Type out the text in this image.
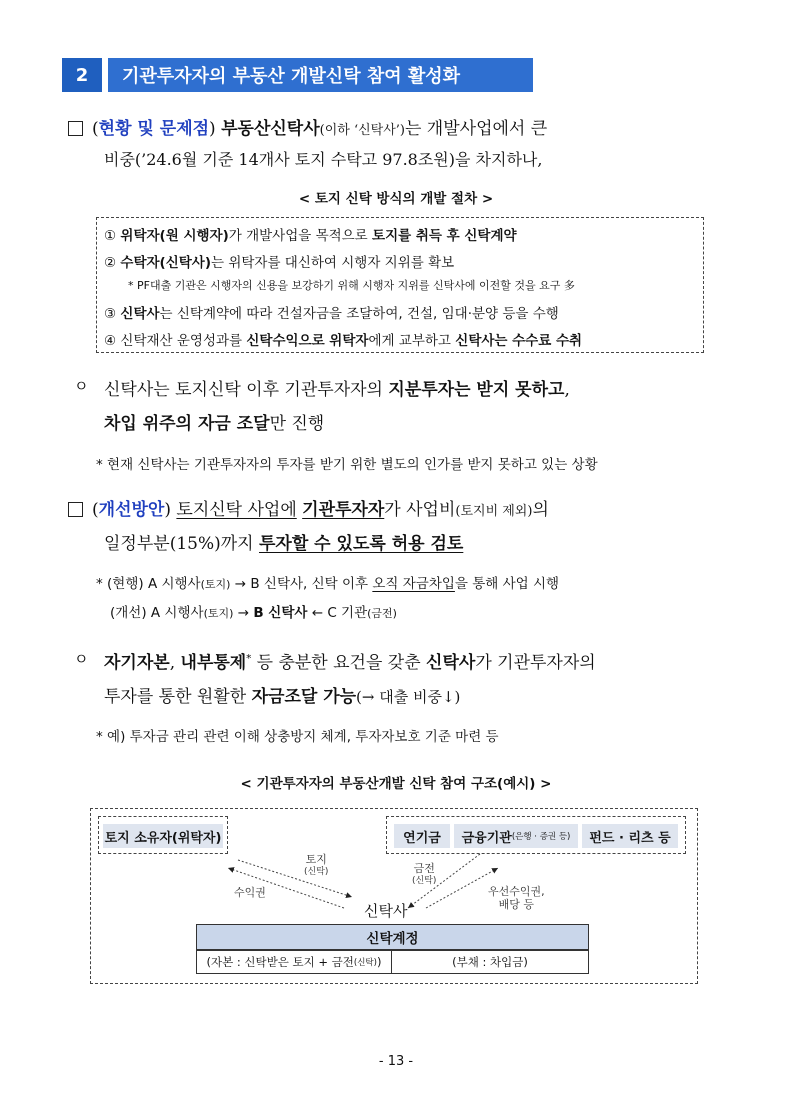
2	기관투자자의 부동산 개발신탁 참여 활성화
(현황 및 문제점) 부동산신탁사(이하 ‘신탁사’)는 개발사업에서 큰
비중(’24.6월 기준 14개사 토지 수탁고 97.8조원)을 차지하나,
< 토지 신탁 방식의 개발 절차 >
① 위탁자(원 시행자)가 개발사업을 목적으로 토지를 취득 후 신탁계약
② 수탁자(신탁사)는 위탁자를 대신하여 시행자 지위를 확보
* PF대출 기관은 시행자의 신용을 보강하기 위해 시행자 지위를 신탁사에 이전할 것을 요구 多
③ 신탁사는 신탁계약에 따라 건설자금을 조달하여, 건설, 임대·분양 등을 수행
④ 신탁재산 운영성과를 신탁수익으로 위탁자에게 교부하고 신탁사는 수수료 수취
ㅇ 신탁사는 토지신탁 이후 기관투자자의 지분투자는 받지 못하고,
차입 위주의 자금 조달만 진행
* 현재 신탁사는 기관투자자의 투자를 받기 위한 별도의 인가를 받지 못하고 있는 상황
(개선방안) 토지신탁 사업에 기관투자자가 사업비(토지비 제외)의
일정부분(15%)까지 투자할 수 있도록 허용 검토
* (현행) A 시행사(토지) → B 신탁사, 신탁 이후 오직 자금차입을 통해 사업 시행
(개선) A 시행사(토지) → B 신탁사 ← C 기관(금전)
ㅇ 자기자본, 내부통제* 등 충분한 요건을 갖춘 신탁사가 기관투자자의
투자를 통한 원활한 자금조달 가능(→ 대출 비중↓)
* 예) 투자금 관리 관련 이해 상충방지 체계, 투자자보호 기준 마련 등
< 기관투자자의 부동산개발 신탁 참여 구조(예시) >
토지 소유자(위탁자)	연기금	금융기관 (은행 · 증권 등)	펀드 · 리츠 등
토지
(신탁)
수익권
금전
(신탁)
우선수익권,
배당 등
신탁사
신탁계정
(자본 : 신탁받은 토지 + 금전 (신탁) )	(부채 : 차입금)
- 13 -
